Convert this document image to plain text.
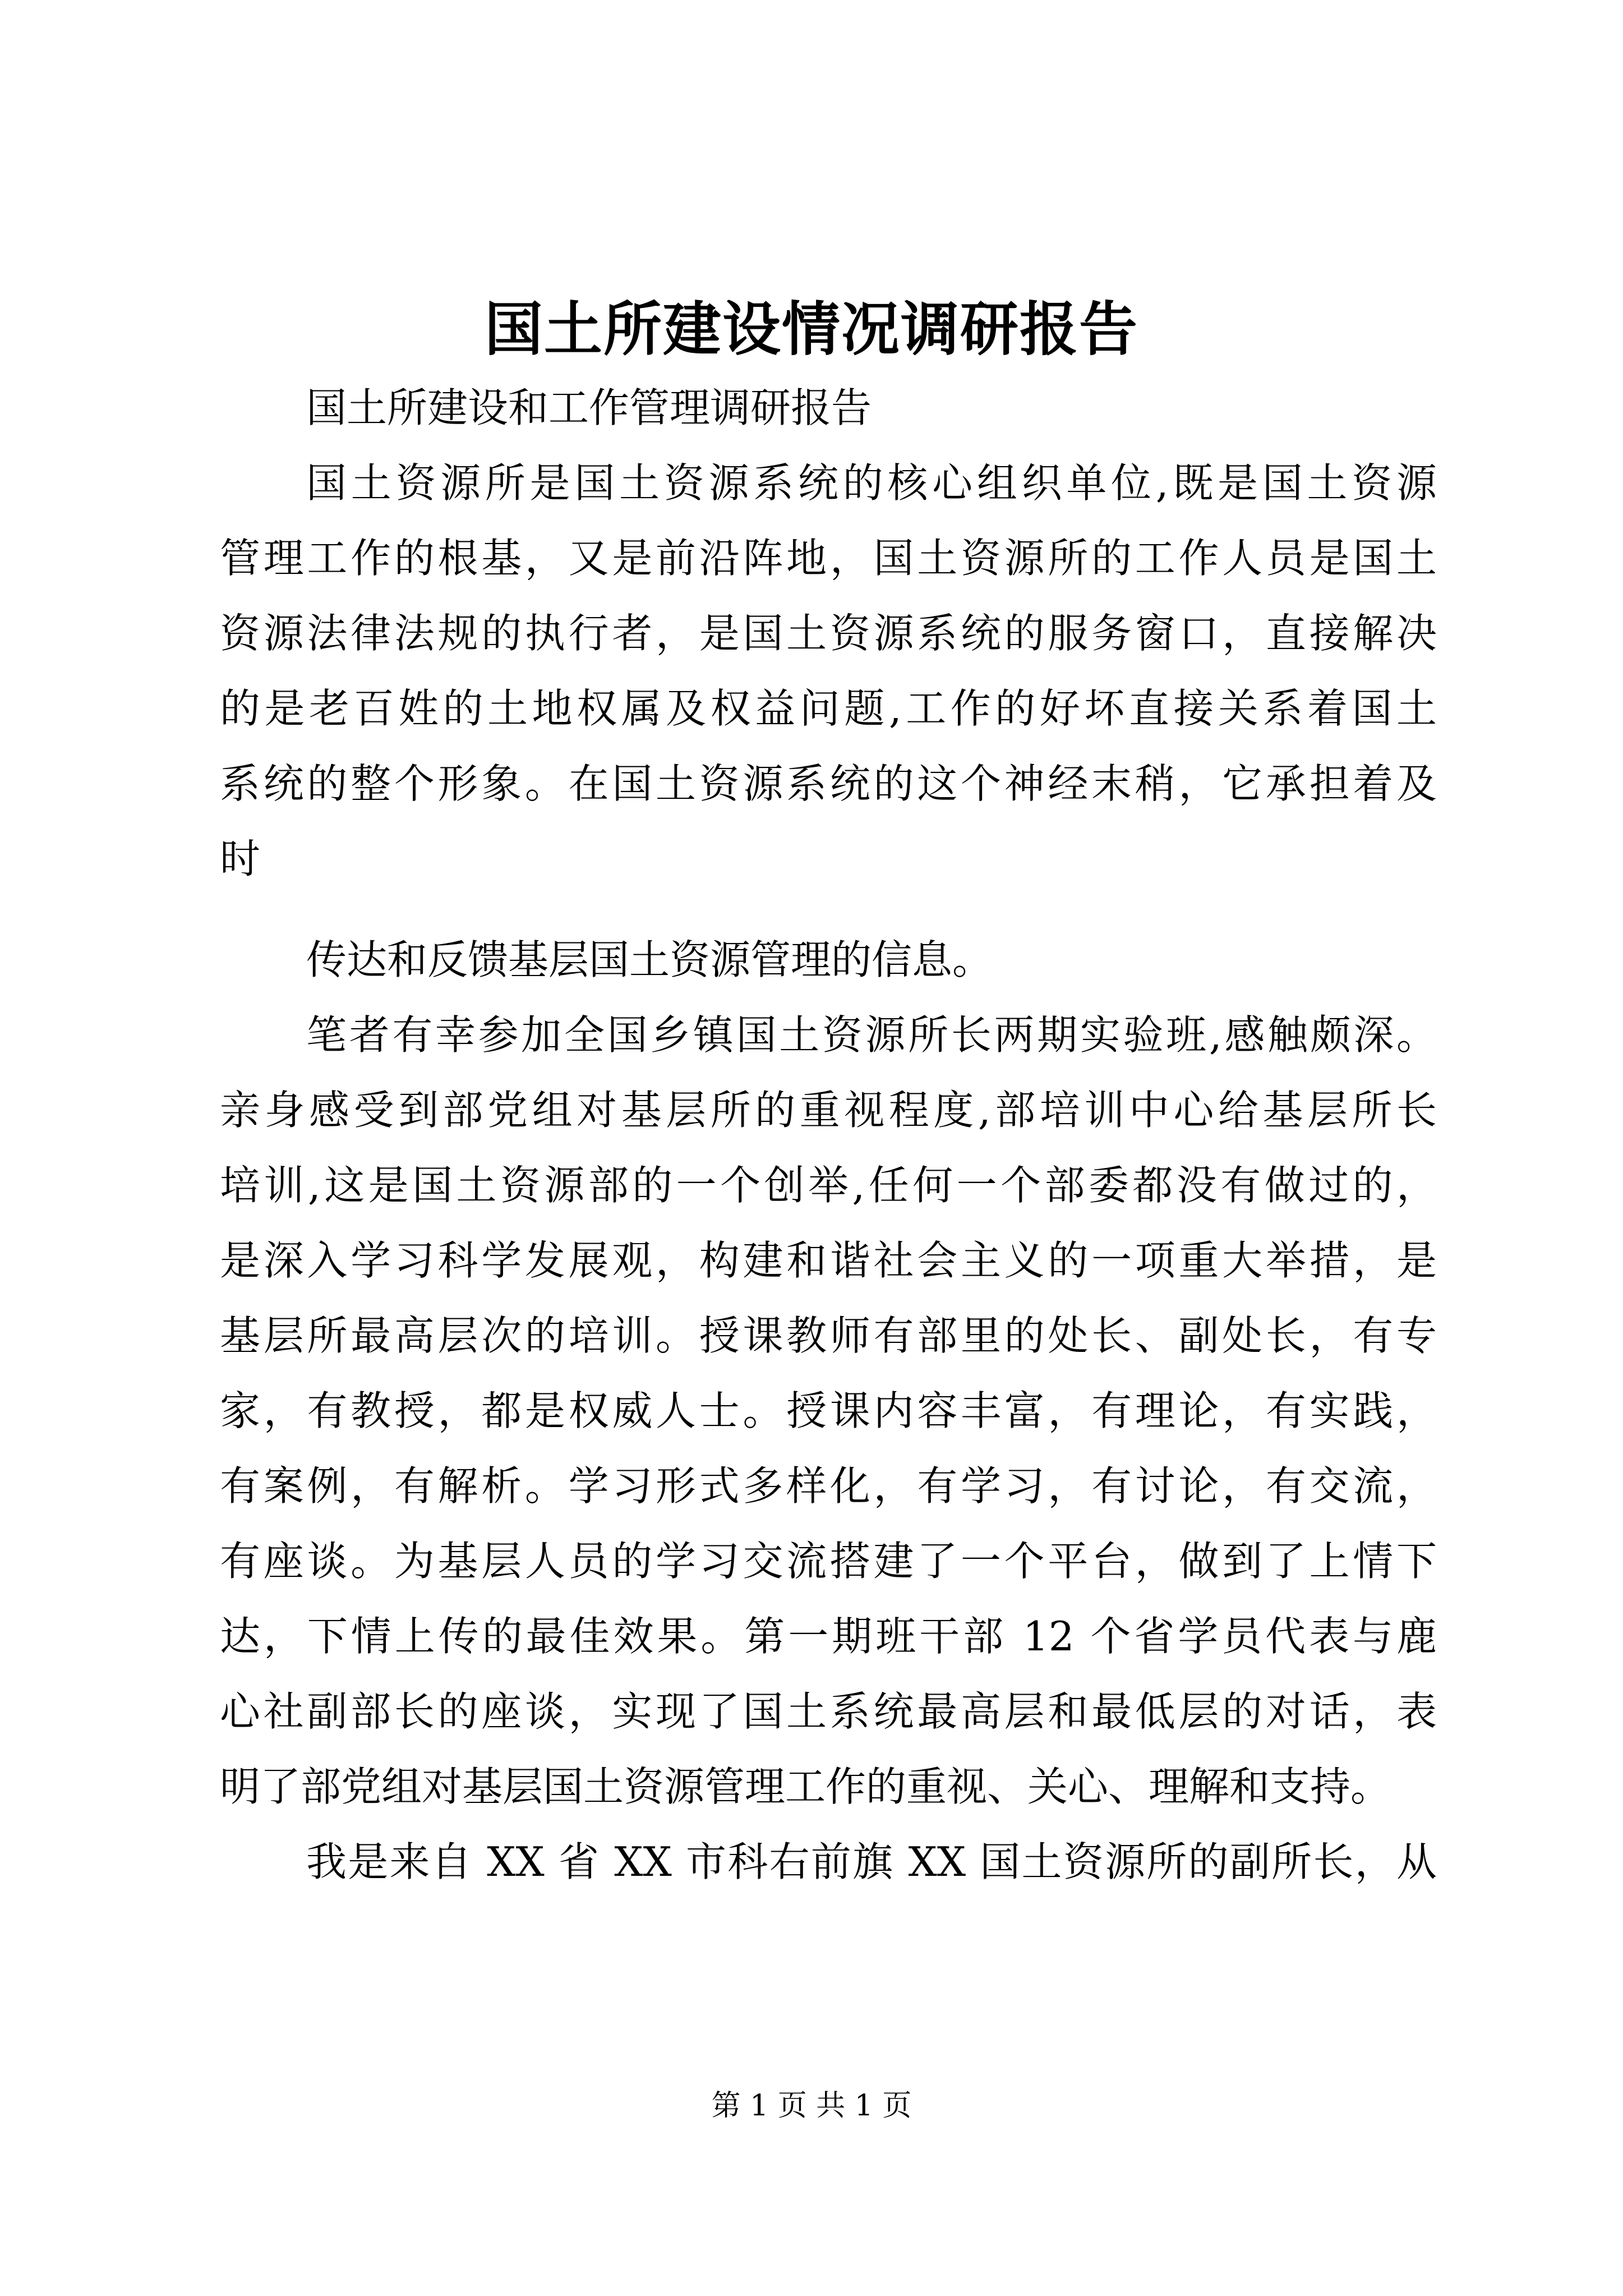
国土所建设情况调研报告
国土所建设和工作管理调研报告
国土资源所是国土资源系统的核心组织单位,既是国土资源
管理工作的根基，又是前沿阵地，国土资源所的工作人员是国土
资源法律法规的执行者，是国土资源系统的服务窗口，直接解决
的是老百姓的土地权属及权益问题,工作的好坏直接关系着国土
系统的整个形象。在国土资源系统的这个神经末稍，它承担着及
时
传达和反馈基层国土资源管理的信息。
笔者有幸参加全国乡镇国土资源所长两期实验班,感触颇深。
亲身感受到部党组对基层所的重视程度,部培训中心给基层所长
培训,这是国土资源部的一个创举,任何一个部委都没有做过的，
是深入学习科学发展观，构建和谐社会主义的一项重大举措，是
基层所最高层次的培训。授课教师有部里的处长、副处长，有专
家，有教授，都是权威人士。授课内容丰富，有理论，有实践，
有案例，有解析。学习形式多样化，有学习，有讨论，有交流，
有座谈。为基层人员的学习交流搭建了一个平台，做到了上情下
达，下情上传的最佳效果。第一期班干部 12 个省学员代表与鹿
心社副部长的座谈，实现了国土系统最高层和最低层的对话，表
明了部党组对基层国土资源管理工作的重视、关心、理解和支持。
我是来自 XX 省 XX 市科右前旗 XX 国土资源所的副所长，从
第 1 页 共 1 页
